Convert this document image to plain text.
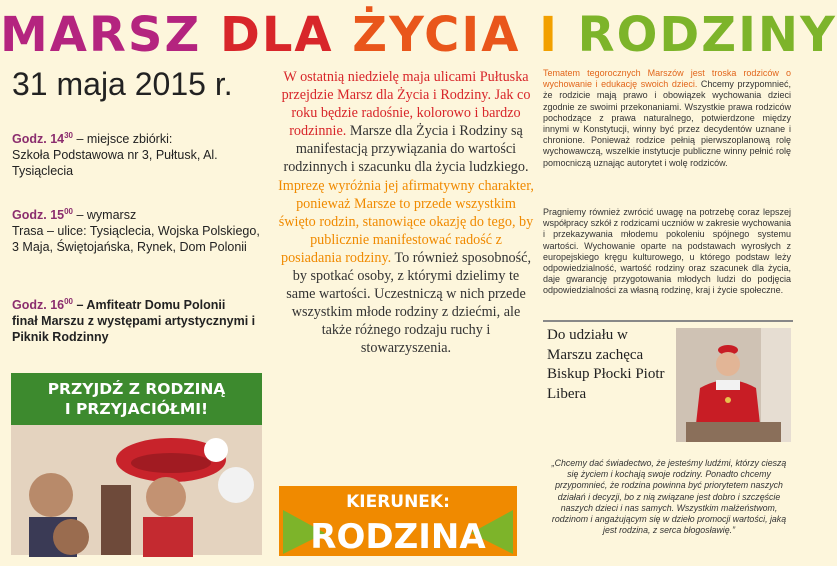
MARSZ DLA ŻYCIA I RODZINY
31 maja 2015 r.
Godz. $14^{30}$ – miejsce zbiórki:
Szkoła Podstawowa nr 3, Pułtusk, Al. Tysiąclecia
Godz. $15^{00}$ – wymarsz
Trasa – ulice: Tysiąclecia, Wojska Polskiego, 3 Maja, Świętojańska, Rynek, Dom Polonii
Godz. $16^{00}$ – Amfiteatr Domu Polonii
finał Marszu z występami artystycznymi i Piknik Rodzinny
PRZYJDŹ Z RODZINĄ
I PRZYJACIÓŁMI!
W ostatnią niedzielę maja ulicami Pułtuska przejdzie Marsz dla Życia i Rodziny. Jak co roku będzie radośnie, kolorowo i bardzo rodzinnie. Marsze dla Życia i Rodziny są manifestacją przywiązania do wartości rodzinnych i szacunku dla życia ludzkiego. Imprezę wyróżnia jej afirmatywny charakter, ponieważ Marsze to przede wszystkim święto rodzin, stanowiące okazję do tego, by publicznie manifestować radość z posiadania rodziny. To również sposobność, by spotkać osoby, z którymi dzielimy te same wartości. Uczestniczą w nich przede wszystkim młode rodziny z dziećmi, ale także różnego rodzaju ruchy i stowarzyszenia.
KIERUNEK:
RODZINA
Tematem tegorocznych Marszów jest troska rodziców o wychowanie i edukację swoich dzieci. Chcemy przypomnieć, że rodzicie mają prawo i obowiązek wychowania dzieci zgodnie ze swoimi przekonaniami. Wszystkie prawa rodziców pochodzące z prawa naturalnego, potwierdzone między innymi w Konstytucji, winny być przez decydentów uznane i chronione. Ponieważ rodzice pełnią pierwszoplanową rolę wychowawczą, wszelkie instytucje publiczne winny pełnić rolę pomocniczą uznając autorytet i wolę rodziców.
Pragniemy również zwrócić uwagę na potrzebę coraz lepszej współpracy szkół z rodzicami uczniów w zakresie wychowania i przekazywania młodemu pokoleniu spójnego systemu wartości. Wychowanie oparte na podstawach wyrosłych z europejskiego kręgu kulturowego, u którego podstaw leży odpowiedzialność, wartość rodziny oraz szacunek dla życia, daje gwarancję przygotowania młodych ludzi do podjęcia odpowiedzialności za własną rodzinę, kraj i życie społeczne.
Do udziału w Marszu zachęca Biskup Płocki Piotr Libera
„Chcemy dać świadectwo, że jesteśmy ludźmi, którzy cieszą się życiem i kochają swoje rodziny. Ponadto chcemy przypomnieć, że rodzina powinna być priorytetem naszych działań i decyzji, bo z nią związane jest dobro i szczęście naszych dzieci i nas samych. Wszystkim małżeństwom, rodzinom i angażującym się w dzieło promocji wartości, jaką jest rodzina, z serca błogosławię.”
